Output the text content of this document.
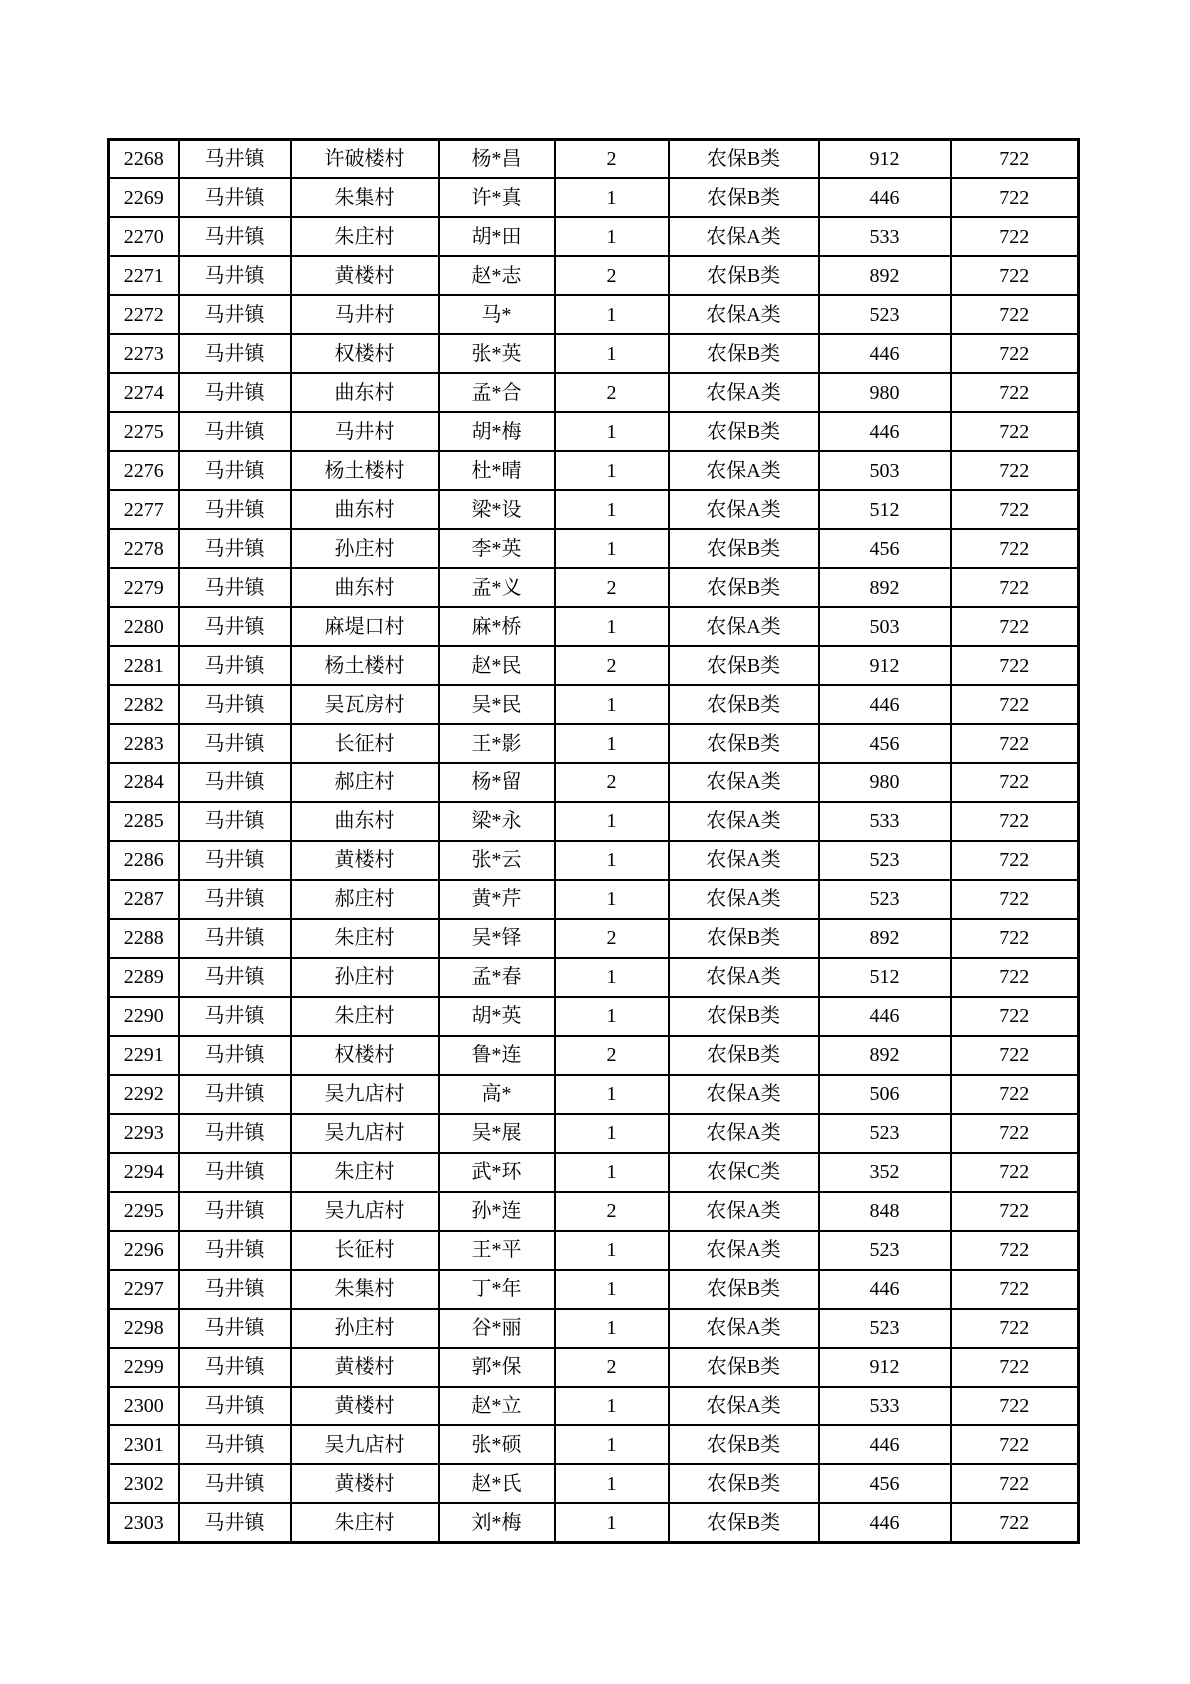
2268	马井镇	许破楼村	杨*昌	2	农保B类	912	722
2269	马井镇	朱集村	许*真	1	农保B类	446	722
2270	马井镇	朱庄村	胡*田	1	农保A类	533	722
2271	马井镇	黄楼村	赵*志	2	农保B类	892	722
2272	马井镇	马井村	马*	1	农保A类	523	722
2273	马井镇	权楼村	张*英	1	农保B类	446	722
2274	马井镇	曲东村	孟*合	2	农保A类	980	722
2275	马井镇	马井村	胡*梅	1	农保B类	446	722
2276	马井镇	杨土楼村	杜*晴	1	农保A类	503	722
2277	马井镇	曲东村	梁*设	1	农保A类	512	722
2278	马井镇	孙庄村	李*英	1	农保B类	456	722
2279	马井镇	曲东村	孟*义	2	农保B类	892	722
2280	马井镇	麻堤口村	麻*桥	1	农保A类	503	722
2281	马井镇	杨土楼村	赵*民	2	农保B类	912	722
2282	马井镇	吴瓦房村	吴*民	1	农保B类	446	722
2283	马井镇	长征村	王*影	1	农保B类	456	722
2284	马井镇	郝庄村	杨*留	2	农保A类	980	722
2285	马井镇	曲东村	梁*永	1	农保A类	533	722
2286	马井镇	黄楼村	张*云	1	农保A类	523	722
2287	马井镇	郝庄村	黄*芹	1	农保A类	523	722
2288	马井镇	朱庄村	吴*铎	2	农保B类	892	722
2289	马井镇	孙庄村	孟*春	1	农保A类	512	722
2290	马井镇	朱庄村	胡*英	1	农保B类	446	722
2291	马井镇	权楼村	鲁*连	2	农保B类	892	722
2292	马井镇	吴九店村	高*	1	农保A类	506	722
2293	马井镇	吴九店村	吴*展	1	农保A类	523	722
2294	马井镇	朱庄村	武*环	1	农保C类	352	722
2295	马井镇	吴九店村	孙*连	2	农保A类	848	722
2296	马井镇	长征村	王*平	1	农保A类	523	722
2297	马井镇	朱集村	丁*年	1	农保B类	446	722
2298	马井镇	孙庄村	谷*丽	1	农保A类	523	722
2299	马井镇	黄楼村	郭*保	2	农保B类	912	722
2300	马井镇	黄楼村	赵*立	1	农保A类	533	722
2301	马井镇	吴九店村	张*硕	1	农保B类	446	722
2302	马井镇	黄楼村	赵*氏	1	农保B类	456	722
2303	马井镇	朱庄村	刘*梅	1	农保B类	446	722
